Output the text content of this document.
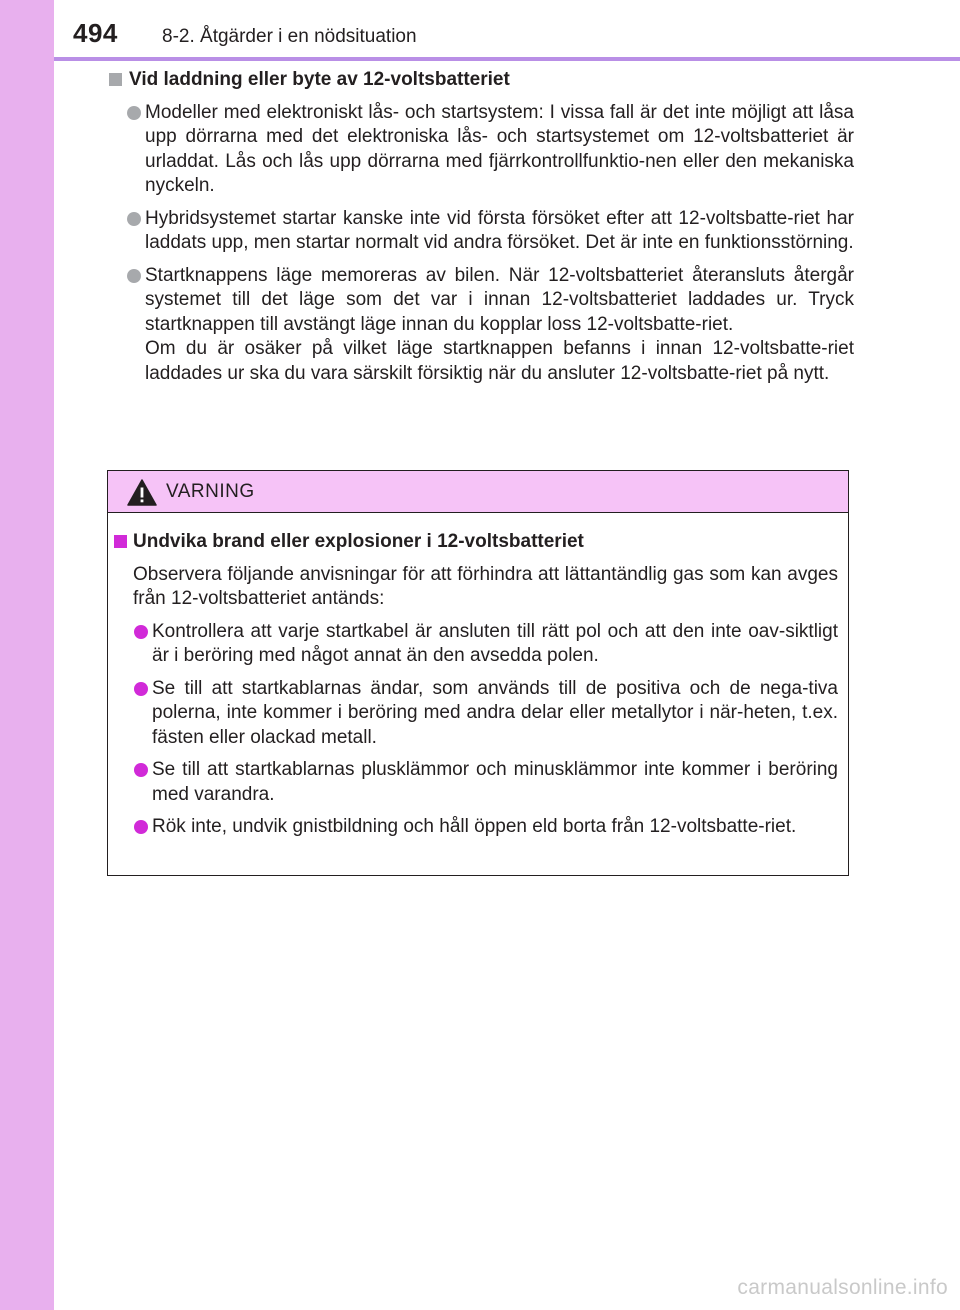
494 8-2. Åtgärder i en nödsituation
Vid laddning eller byte av 12-voltsbatteriet
Modeller med elektroniskt lås- och startsystem: I vissa fall är det inte möjligt att låsa upp dörrarna med det elektroniska lås- och startsystemet om 12-voltsbatteriet är urladdat. Lås och lås upp dörrarna med fjärrkontrollfunktio-nen eller den mekaniska nyckeln.
Hybridsystemet startar kanske inte vid första försöket efter att 12-voltsbatte-riet har laddats upp, men startar normalt vid andra försöket. Det är inte en funktionsstörning.
Startknappens läge memoreras av bilen. När 12-voltsbatteriet återansluts återgår systemet till det läge som det var i innan 12-voltsbatteriet laddades ur. Tryck startknappen till avstängt läge innan du kopplar loss 12-voltsbatte-riet.
Om du är osäker på vilket läge startknappen befanns i innan 12-voltsbatte-riet laddades ur ska du vara särskilt försiktig när du ansluter 12-voltsbatte-riet på nytt.
VARNING
Undvika brand eller explosioner i 12-voltsbatteriet
Observera följande anvisningar för att förhindra att lättantändlig gas som kan avges från 12-voltsbatteriet antänds:
Kontrollera att varje startkabel är ansluten till rätt pol och att den inte oav-siktligt är i beröring med något annat än den avsedda polen.
Se till att startkablarnas ändar, som används till de positiva och de nega-tiva polerna, inte kommer i beröring med andra delar eller metallytor i när-heten, t.ex. fästen eller olackad metall.
Se till att startkablarnas plusklämmor och minusklämmor inte kommer i beröring med varandra.
Rök inte, undvik gnistbildning och håll öppen eld borta från 12-voltsbatte-riet.
carmanualsonline.info
